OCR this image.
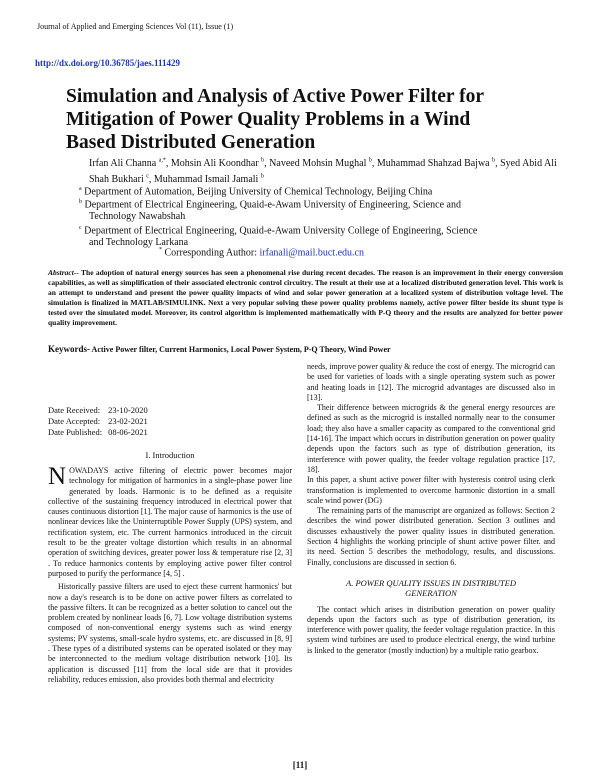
Journal of Applied and Emerging Sciences Vol (11), Issue (1)
http://dx.doi.org/10.36785/jaes.111429
Simulation and Analysis of Active Power Filter for
Mitigation of Power Quality Problems in a Wind
Based Distributed Generation
Irfan Ali Channa $^{a,*}$, Mohsin Ali Koondhar $^b$, Naveed Mohsin Mughal $^b$, Muhammad Shahzad Bajwa $^b$, Syed Abid Ali Shah Bukhari $^c$, Muhammad Ismail Jamali $^b$
$^a$ Department of Automation, Beijing University of Chemical Technology, Beijing China
$^b$ Department of Electrical Engineering, Quaid-e-Awam University of Engineering, Science and
Technology Nawabshah
$^c$ Department of Electrical Engineering, Quaid-e-Awam University College of Engineering, Science
and Technology Larkana
* Corresponding Author: irfanali@mail.buct.edu.cn

Abstract-- The adoption of natural energy sources has seen a phenomenal rise during recent decades. The reason is an improvement in their energy conversion capabilities, as well as simplification of their associated electronic control circuitry. The result at their use at a localized distributed generation level. This work is an attempt to understand and present the power quality impacts of wind and solar power generation at a localized system of distribution voltage level. The simulation is finalized in MATLAB/SIMULINK. Next a very popular solving these power quality problems namely, active power filter beside its shunt type is tested over the simulated model. Moreover, its control algorithm is implemented mathematically with P-Q theory and the results are analyzed for better power quality improvement.

Keywords- Active Power filter, Current Harmonics, Local Power System, P-Q Theory, Wind Power
Date Received:	23-10-2020
Date Accepted:	23-02-2021
Date Published:	08-06-2021
I. Introduction

NOWADAYS active filtering of electric power becomes major technology for mitigation of harmonics in a single-phase power line generated by loads. Harmonic is to be defined as a requisite collective of the sustaining frequency introduced in electrical power that causes continuous distortion [1]. The major cause of harmonics is the use of nonlinear devices like the Uninterruptible Power Supply (UPS) system, and rectification system, etc. The current harmonics introduced in the circuit result to be the greater voltage distortion which results in an abnormal operation of switching devices, greater power loss & temperature rise [2, 3] . To reduce harmonics contents by employing active power filter control purposed to purify the performance [4, 5] .

Historically passive filters are used to eject these current harmonics' but now a day's research is to be done on active power filters as correlated to the passive filters. It can be recognized as a better solution to cancel out the problem created by nonlinear loads [6, 7]. Low voltage distribution systems composed of non-conventional energy systems such as wind energy systems; PV systems, small-scale hydro systems, etc. are discussed in [8, 9] . These types of a distributed systems can be operated isolated or they may be interconnected to the medium voltage distribution network [10]. Its application is discussed [11] from the local side are that it provides reliability, reduces emission, also provides both thermal and electricity

needs, improve power quality & reduce the cost of energy. The microgrid can be used for varieties of loads with a single operating system such as power and heating loads in [12]. The microgrid advantages are discussed also in [13].

Their difference between microgrids & the general energy resources are defined as such as the microgrid is installed normally near to the consumer load; they also have a smaller capacity as compared to the conventional grid [14-16]. The impact which occurs in distribution generation on power quality depends upon the factors such as type of distribution generation, its interference with power quality, the feeder voltage regulation practice [17, 18].

In this paper, a shunt active power filter with hysteresis control using clerk transformation is implemented to overcome harmonic distortion in a small scale wind power (DG)

The remaining parts of the manuscript are organized as follows: Section 2 describes the wind power distributed generation. Section 3 outlines and discusses exhaustively the power quality issues in distributed generation. Section 4 highlights the working principle of shunt active power filter. and its need. Section 5 describes the methodology, results, and discussions. Finally, conclusions are discussed in section 6.

A. POWER QUALITY ISSUES IN DISTRIBUTED
GENERATION

The contact which arises in distribution generation on power quality depends upon the factors such as type of distribution generation, its interference with power quality, the feeder voltage regulation practice. In this system wind turbines are used to produce electrical energy, the wind turbine is linked to the generator (mostly induction) by a multiple ratio gearbox.

[11]
